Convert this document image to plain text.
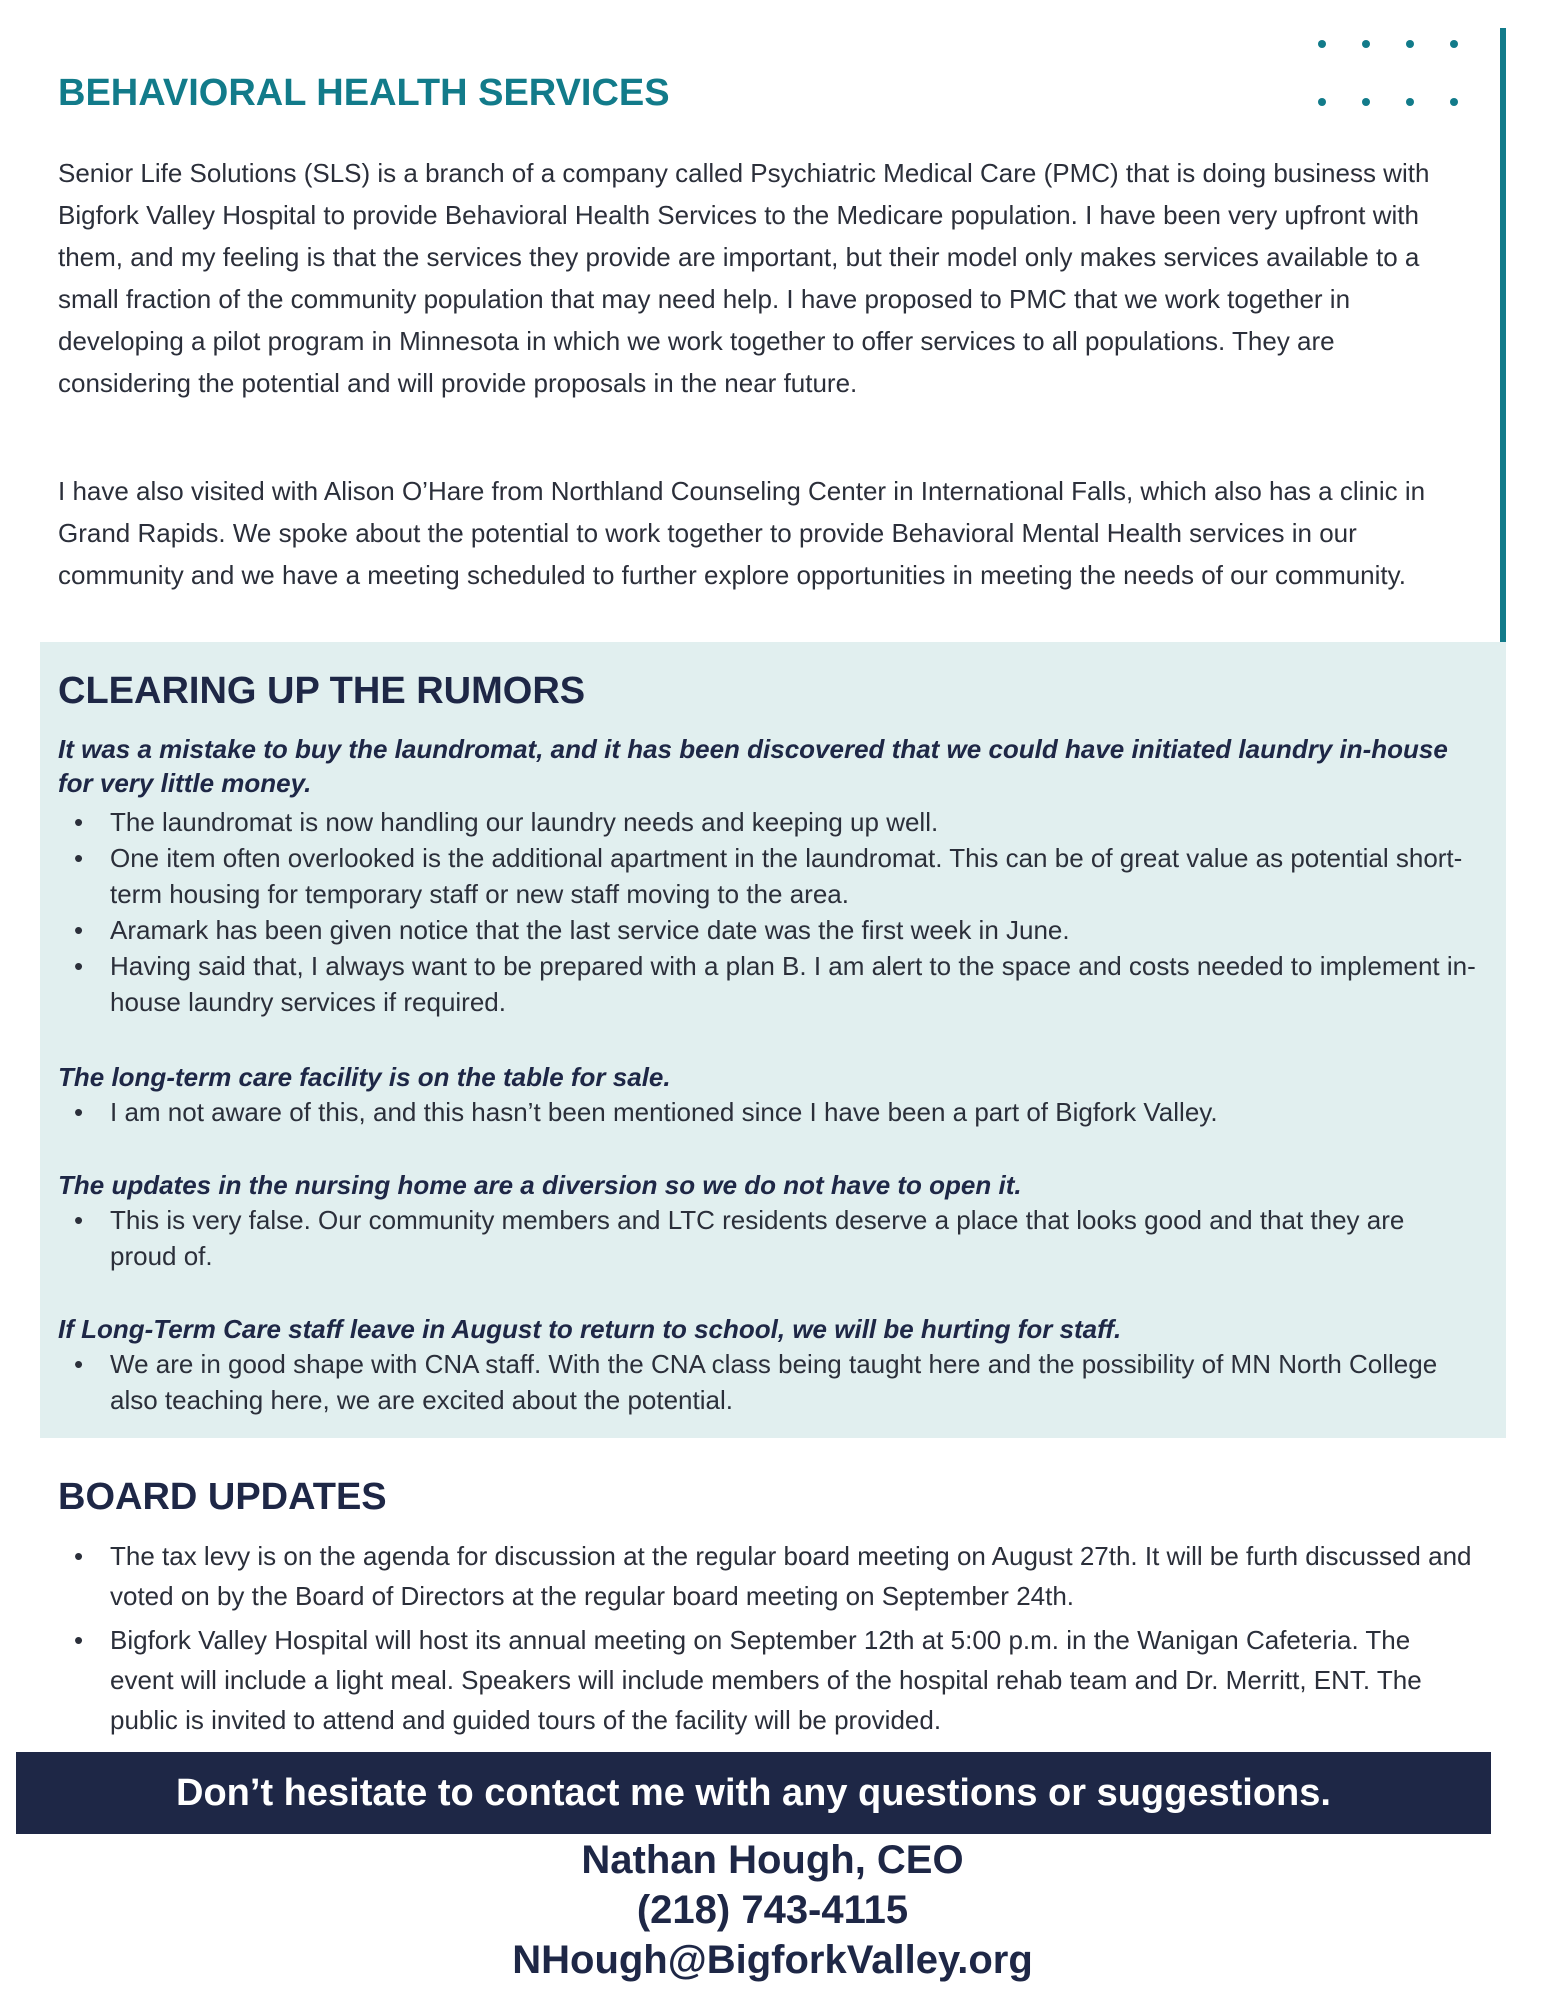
BEHAVIORAL HEALTH SERVICES

Senior Life Solutions (SLS) is a branch of a company called Psychiatric Medical Care (PMC) that is doing business with Bigfork Valley Hospital to provide Behavioral Health Services to the Medicare population. I have been very upfront with them, and my feeling is that the services they provide are important, but their model only makes services available to a small fraction of the community population that may need help. I have proposed to PMC that we work together in developing a pilot program in Minnesota in which we work together to offer services to all populations. They are considering the potential and will provide proposals in the near future.

I have also visited with Alison O’Hare from Northland Counseling Center in International Falls, which also has a clinic in Grand Rapids. We spoke about the potential to work together to provide Behavioral Mental Health services in our community and we have a meeting scheduled to further explore opportunities in meeting the needs of our community.

CLEARING UP THE RUMORS

It was a mistake to buy the laundromat, and it has been discovered that we could have initiated laundry in-house for very little money.

• The laundromat is now handling our laundry needs and keeping up well.
• One item often overlooked is the additional apartment in the laundromat. This can be of great value as potential short-term housing for temporary staff or new staff moving to the area.
• Aramark has been given notice that the last service date was the first week in June.
• Having said that, I always want to be prepared with a plan B. I am alert to the space and costs needed to implement in-house laundry services if required.

The long-term care facility is on the table for sale.

• I am not aware of this, and this hasn’t been mentioned since I have been a part of Bigfork Valley.

The updates in the nursing home are a diversion so we do not have to open it.

• This is very false. Our community members and LTC residents deserve a place that looks good and that they are proud of.

If Long-Term Care staff leave in August to return to school, we will be hurting for staff.

• We are in good shape with CNA staff. With the CNA class being taught here and the possibility of MN North College also teaching here, we are excited about the potential.
BOARD UPDATES
• The tax levy is on the agenda for discussion at the regular board meeting on August 27th. It will be furth discussed and voted on by the Board of Directors at the regular board meeting on September 24th.
• Bigfork Valley Hospital will host its annual meeting on September 12th at 5:00 p.m. in the Wanigan Cafeteria. The event will include a light meal. Speakers will include members of the hospital rehab team and Dr. Merritt, ENT. The public is invited to attend and guided tours of the facility will be provided.
Don’t hesitate to contact me with any questions or suggestions.

Nathan Hough, CEO

(218) 743-4115

NHough@BigforkValley.org
